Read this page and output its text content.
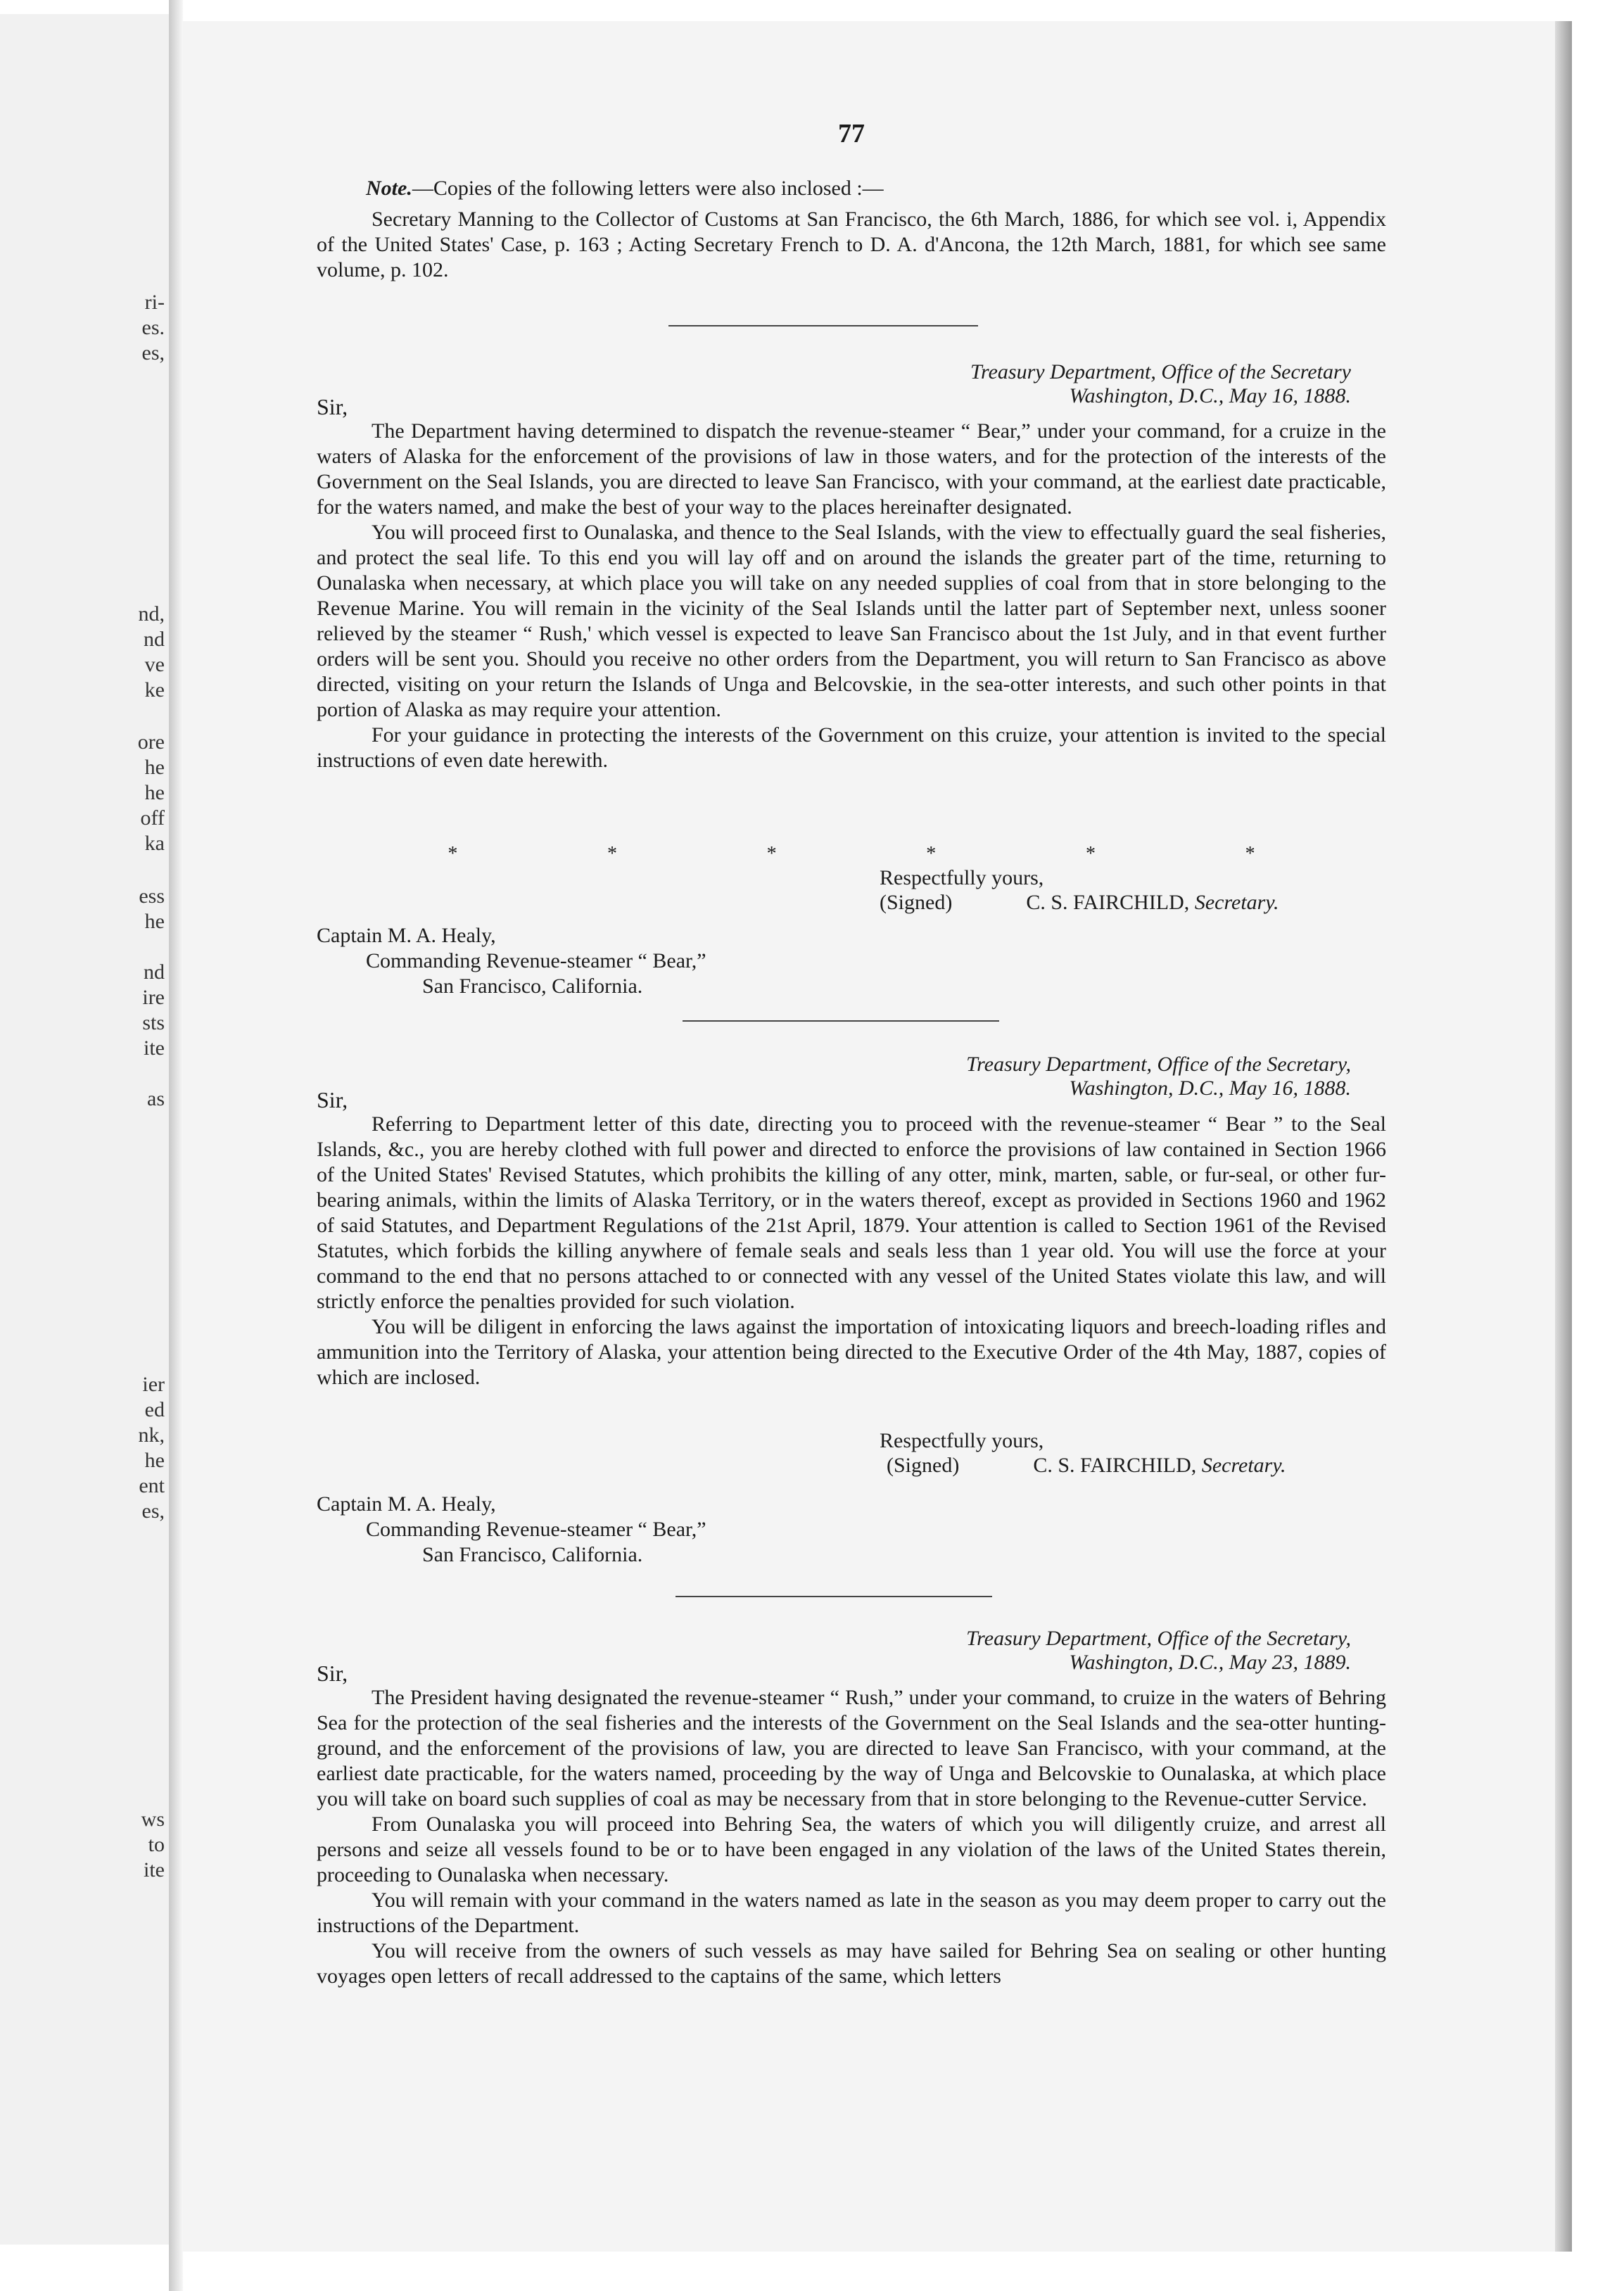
ri-
es.
es,
nd,
nd
ve
ke
ore
he
he
off
ka
ess
he
nd
ire
sts
ite
as
ier
ed
nk,
he
ent
es,
ws
to
ite
77

Note.—Copies of the following letters were also inclosed :—

Secretary Manning to the Collector of Customs at San Francisco, the 6th March, 1886, for which see vol. i, Appendix of the United States' Case, p. 163 ; Acting Secretary French to D. A. d'Ancona, the 12th March, 1881, for which see same volume, p. 102.

Treasury Department, Office of the Secretary
Washington, D.C., May 16, 1888.
Sir,

The Department having determined to dispatch the revenue-steamer “ Bear,” under your command, for a cruize in the waters of Alaska for the enforcement of the provisions of law in those waters, and for the protection of the interests of the Government on the Seal Islands, you are directed to leave San Francisco, with your command, at the earliest date practicable, for the waters named, and make the best of your way to the places hereinafter designated.

You will proceed first to Ounalaska, and thence to the Seal Islands, with the view to effectually guard the seal fisheries, and protect the seal life. To this end you will lay off and on around the islands the greater part of the time, returning to Ounalaska when necessary, at which place you will take on any needed supplies of coal from that in store belonging to the Revenue Marine. You will remain in the vicinity of the Seal Islands until the latter part of September next, unless sooner relieved by the steamer “ Rush,' which vessel is expected to leave San Francisco about the 1st July, and in that event further orders will be sent you. Should you receive no other orders from the Department, you will return to San Francisco as above directed, visiting on your return the Islands of Unga and Belcovskie, in the sea-otter interests, and such other points in that portion of Alaska as may require your attention.

For your guidance in protecting the interests of the Government on this cruize, your attention is invited to the special instructions of even date herewith.

*	*	*	*	*	*
Respectfully yours,
(Signed)	C. S. FAIRCHILD, Secretary.
Captain M. A. Healy,
Commanding Revenue-steamer “ Bear,”
San Francisco, California.
Treasury Department, Office of the Secretary,
Washington, D.C., May 16, 1888.
Sir,

Referring to Department letter of this date, directing you to proceed with the revenue-steamer “ Bear ” to the Seal Islands, &c., you are hereby clothed with full power and directed to enforce the provisions of law contained in Section 1966 of the United States' Revised Statutes, which prohibits the killing of any otter, mink, marten, sable, or fur-seal, or other fur-bearing animals, within the limits of Alaska Territory, or in the waters thereof, except as provided in Sections 1960 and 1962 of said Statutes, and Department Regulations of the 21st April, 1879. Your attention is called to Section 1961 of the Revised Statutes, which forbids the killing anywhere of female seals and seals less than 1 year old. You will use the force at your command to the end that no persons attached to or connected with any vessel of the United States violate this law, and will strictly enforce the penalties provided for such violation.

You will be diligent in enforcing the laws against the importation of intoxicating liquors and breech-loading rifles and ammunition into the Territory of Alaska, your attention being directed to the Executive Order of the 4th May, 1887, copies of which are inclosed.

Respectfully yours,
(Signed)	C. S. FAIRCHILD, Secretary.
Captain M. A. Healy,
Commanding Revenue-steamer “ Bear,”
San Francisco, California.
Treasury Department, Office of the Secretary,
Washington, D.C., May 23, 1889.
Sir,

The President having designated the revenue-steamer “ Rush,” under your command, to cruize in the waters of Behring Sea for the protection of the seal fisheries and the interests of the Government on the Seal Islands and the sea-otter hunting-ground, and the enforcement of the provisions of law, you are directed to leave San Francisco, with your command, at the earliest date practicable, for the waters named, proceeding by the way of Unga and Belcovskie to Ounalaska, at which place you will take on board such supplies of coal as may be necessary from that in store belonging to the Revenue-cutter Service.

From Ounalaska you will proceed into Behring Sea, the waters of which you will diligently cruize, and arrest all persons and seize all vessels found to be or to have been engaged in any violation of the laws of the United States therein, proceeding to Ounalaska when necessary.

You will remain with your command in the waters named as late in the season as you may deem proper to carry out the instructions of the Department.

You will receive from the owners of such vessels as may have sailed for Behring Sea on sealing or other hunting voyages open letters of recall addressed to the captains of the same, which letters
